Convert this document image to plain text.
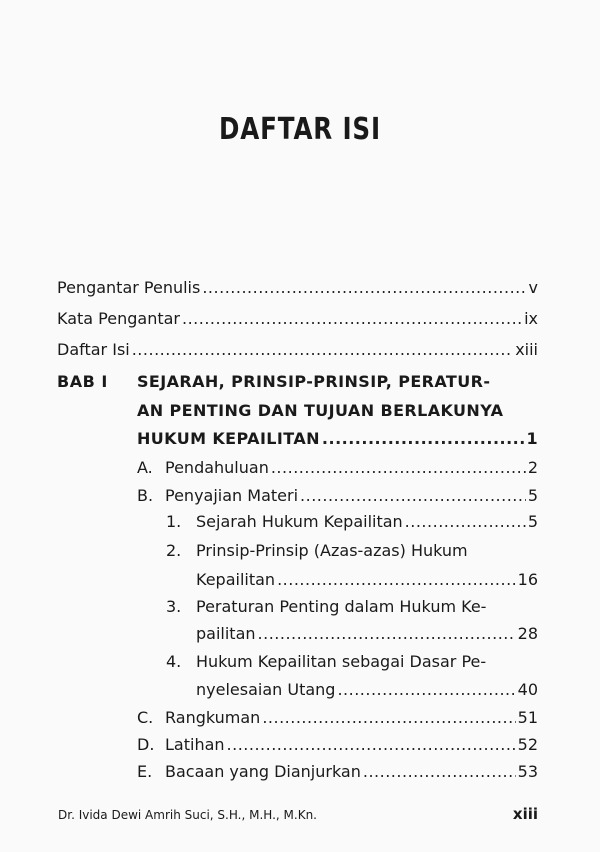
DAFTAR ISI
Pengantar Penulis .....	v
Kata Pengantar .....	ix
Daftar Isi .....	xiii
BAB I SEJARAH, PRINSIP-PRINSIP, PERATUR-
AN PENTING DAN TUJUAN BERLAKUNYA
HUKUM KEPAILITAN .....	1
A. Pendahuluan .....	2
B. Penyajian Materi .....	5
1. Sejarah Hukum Kepailitan .....	5
2. Prinsip-Prinsip (Azas-azas) Hukum
Kepailitan .....	16
3. Peraturan Penting dalam Hukum Ke-
pailitan .....	28
4. Hukum Kepailitan sebagai Dasar Pe-
nyelesaian Utang .....	40
C. Rangkuman .....	51
D. Latihan .....	52
E. Bacaan yang Dianjurkan .....	53
Dr. Ivida Dewi Amrih Suci, S.H., M.H., M.Kn.	xiii
